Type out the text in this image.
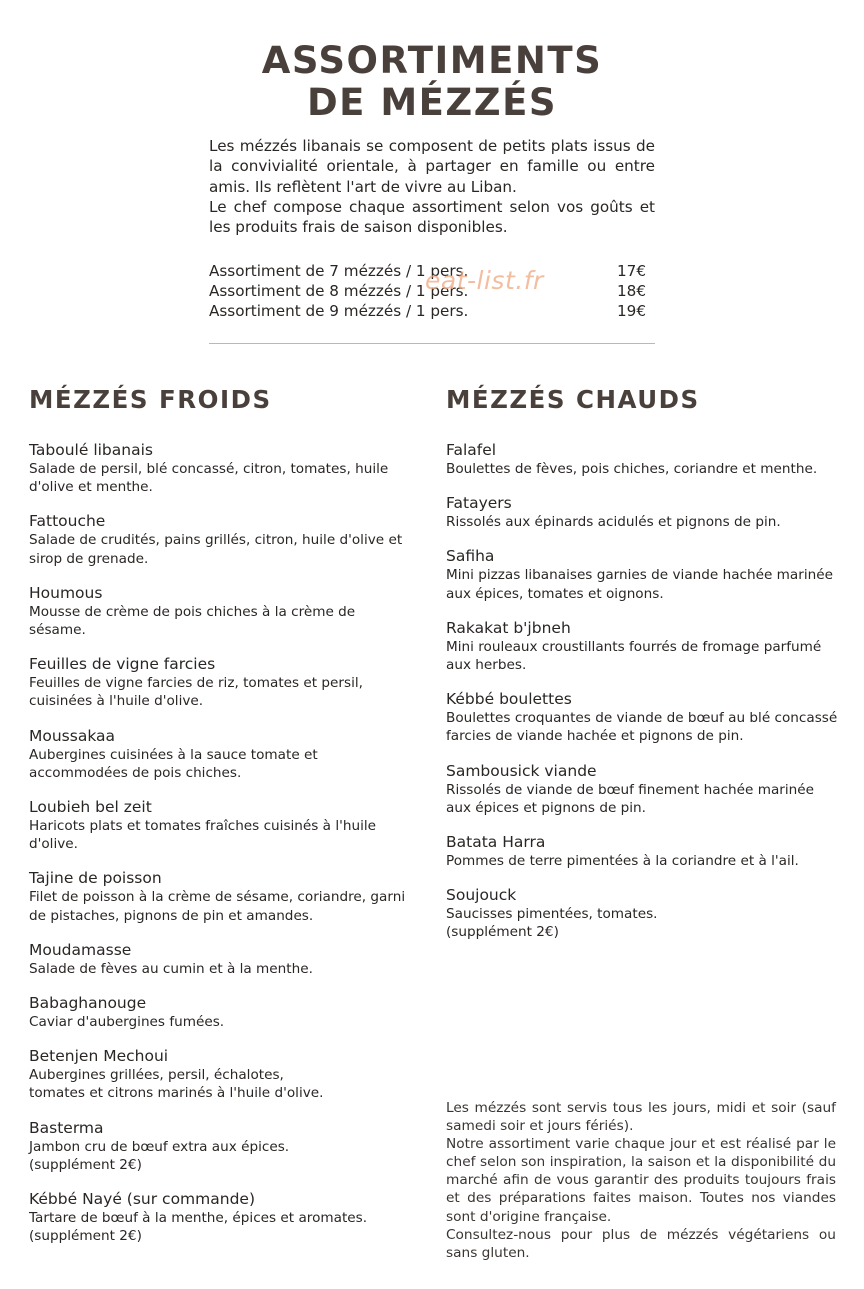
ASSORTIMENTS
DE MÉZZÉS

Les mézzés libanais se composent de petits plats issus de la convivialité orientale, à partager en famille ou entre amis. Ils reflètent l'art de vivre au Liban.

Le chef compose chaque assortiment selon vos goûts et les produits frais de saison disponibles.

Assortiment de 7 mézzés / 1 pers.	17€
Assortiment de 8 mézzés / 1 pers.	18€
Assortiment de 9 mézzés / 1 pers.	19€
eat-list.fr
MÉZZÉS FROIDS	MÉZZÉS CHAUDS
Taboulé libanais
Salade de persil, blé concassé, citron, tomates, huile d'olive et menthe.
Fattouche
Salade de crudités, pains grillés, citron, huile d'olive et sirop de grenade.
Houmous
Mousse de crème de pois chiches à la crème de sésame.
Feuilles de vigne farcies
Feuilles de vigne farcies de riz, tomates et persil, cuisinées à l'huile d'olive.
Moussakaa
Aubergines cuisinées à la sauce tomate et accommodées de pois chiches.
Loubieh bel zeit
Haricots plats et tomates fraîches cuisinés à l'huile d'olive.
Tajine de poisson
Filet de poisson à la crème de sésame, coriandre, garni de pistaches, pignons de pin et amandes.
Moudamasse
Salade de fèves au cumin et à la menthe.
Babaghanouge
Caviar d'aubergines fumées.
Betenjen Mechoui
Aubergines grillées, persil, échalotes,
tomates et citrons marinés à l'huile d'olive.
Basterma
Jambon cru de bœuf extra aux épices.
(supplément 2€)
Kébbé Nayé (sur commande)
Tartare de bœuf à la menthe, épices et aromates.
(supplément 2€)
Falafel
Boulettes de fèves, pois chiches, coriandre et menthe.
Fatayers
Rissolés aux épinards acidulés et pignons de pin.
Safiha
Mini pizzas libanaises garnies de viande hachée marinée aux épices, tomates et oignons.
Rakakat b'jbneh
Mini rouleaux croustillants fourrés de fromage parfumé aux herbes.
Kébbé boulettes
Boulettes croquantes de viande de bœuf au blé concassé farcies de viande hachée et pignons de pin.
Sambousick viande
Rissolés de viande de bœuf finement hachée marinée aux épices et pignons de pin.
Batata Harra
Pommes de terre pimentées à la coriandre et à l'ail.
Soujouck
Saucisses pimentées, tomates.
(supplément 2€)

Les mézzés sont servis tous les jours, midi et soir (sauf samedi soir et jours fériés).

Notre assortiment varie chaque jour et est réalisé par le chef selon son inspiration, la saison et la disponibilité du marché afin de vous garantir des produits toujours frais et des préparations faites maison. Toutes nos viandes sont d'origine française.

Consultez-nous pour plus de mézzés végétariens ou sans gluten.
